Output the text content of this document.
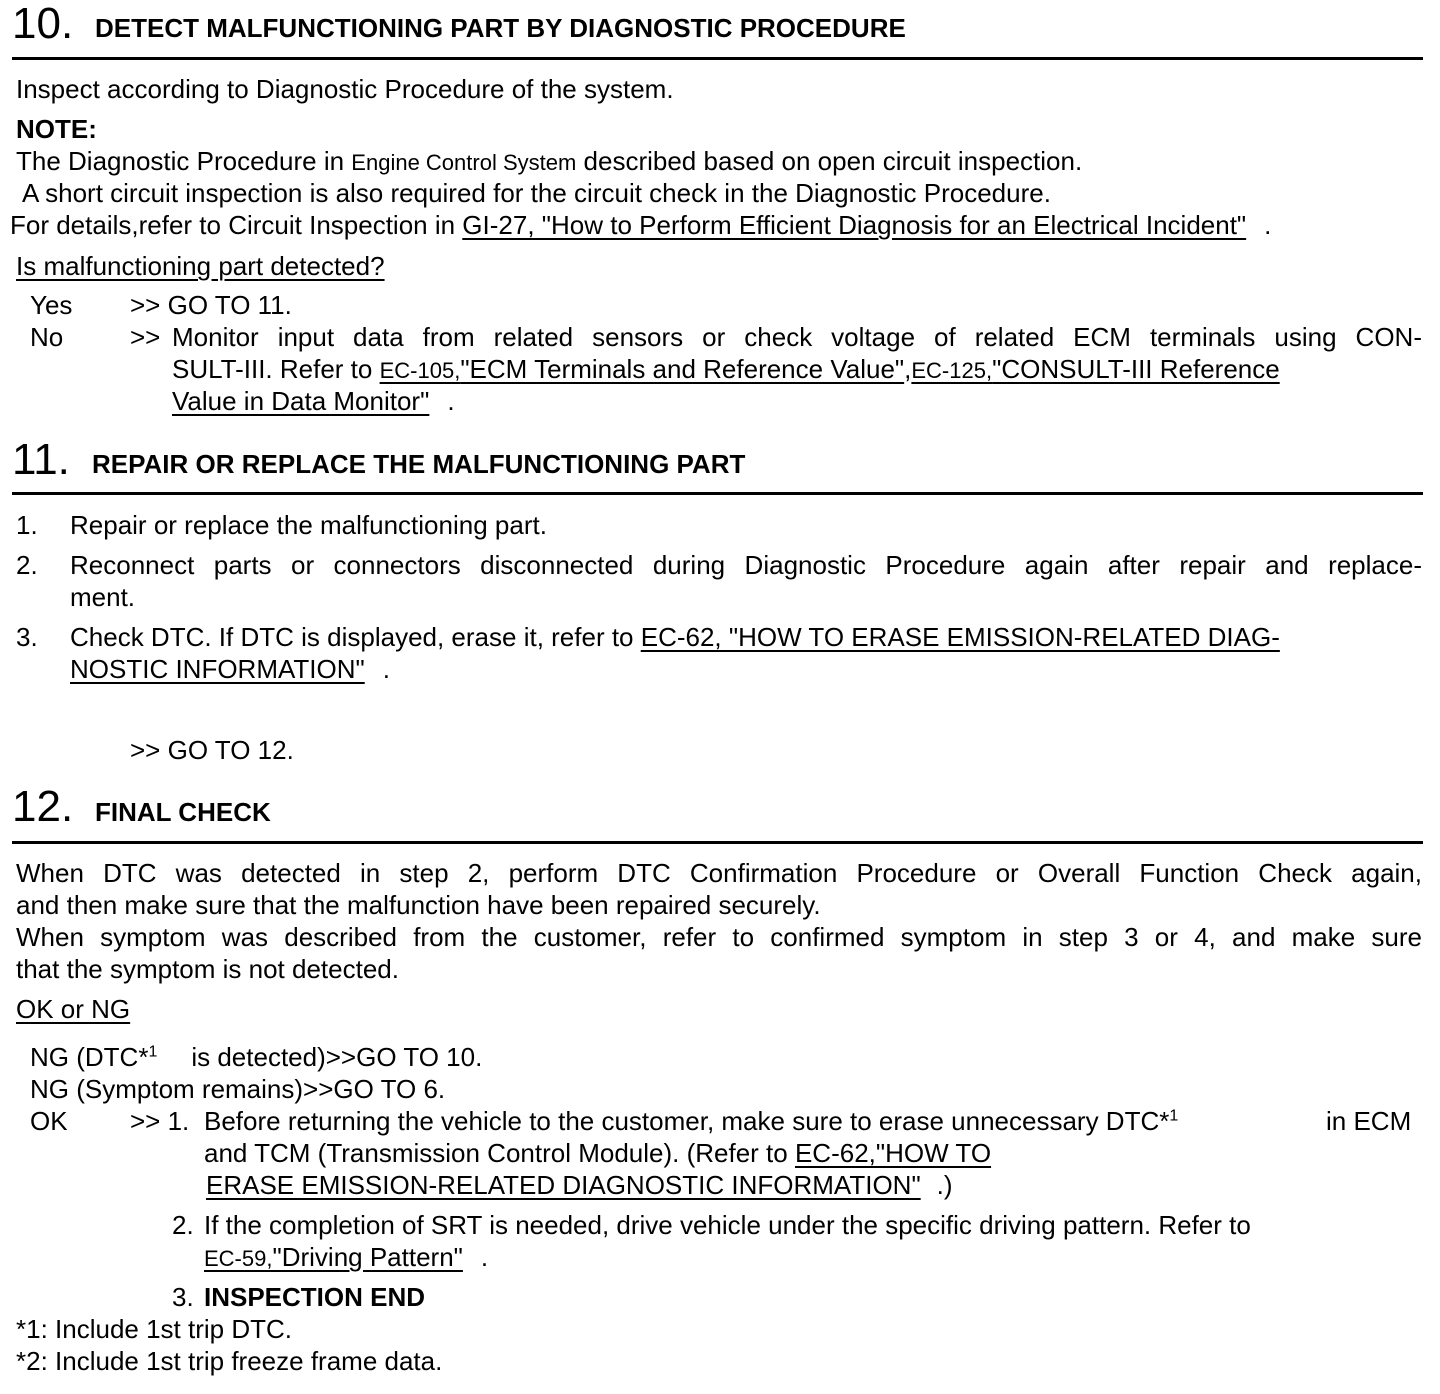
10. DETECT MALFUNCTIONING PART BY DIAGNOSTIC PROCEDURE
Inspect according to Diagnostic Procedure of the system.
NOTE:
The Diagnostic Procedure in Engine Control System described based on open circuit inspection.
A short circuit inspection is also required for the circuit check in the Diagnostic Procedure.
For details,refer to Circuit Inspection in GI-27, "How to Perform Efficient Diagnosis for an Electrical Incident" .
Is malfunctioning part detected?
Yes >> GO TO 11.
No	>> Monitor input data from related sensors or check voltage of related ECM terminals using CON-
SULT-III. Refer to EC-105,"ECM Terminals and Reference Value",EC-125,"CONSULT-III Reference
Value in Data Monitor" .
11. REPAIR OR REPLACE THE MALFUNCTIONING PART
1. Repair or replace the malfunctioning part.
2. Reconnect parts or connectors disconnected during Diagnostic Procedure again after repair and replace-
ment.
3. Check DTC. If DTC is displayed, erase it, refer to EC-62, "HOW TO ERASE EMISSION-RELATED DIAG-
NOSTIC INFORMATION" .
>> GO TO 12.
12. FINAL CHECK
When DTC was detected in step 2, perform DTC Confirmation Procedure or Overall Function Check again,
and then make sure that the malfunction have been repaired securely.
When symptom was described from the customer, refer to confirmed symptom in step 3 or 4, and make sure
that the symptom is not detected.
OK or NG
NG (DTC*$^1$ is detected)>>GO TO 10.
NG (Symptom remains)>>GO TO 6.
OK >> 1. Before returning the vehicle to the customer, make sure to erase unnecessary DTC*$^1$	in ECM
and TCM (Transmission Control Module). (Refer to EC-62,"HOW TO
ERASE EMISSION-RELATED DIAGNOSTIC INFORMATION" .)
2. If the completion of SRT is needed, drive vehicle under the specific driving pattern. Refer to
EC-59,"Driving Pattern" .
3. INSPECTION END
*1: Include 1st trip DTC.
*2: Include 1st trip freeze frame data.
